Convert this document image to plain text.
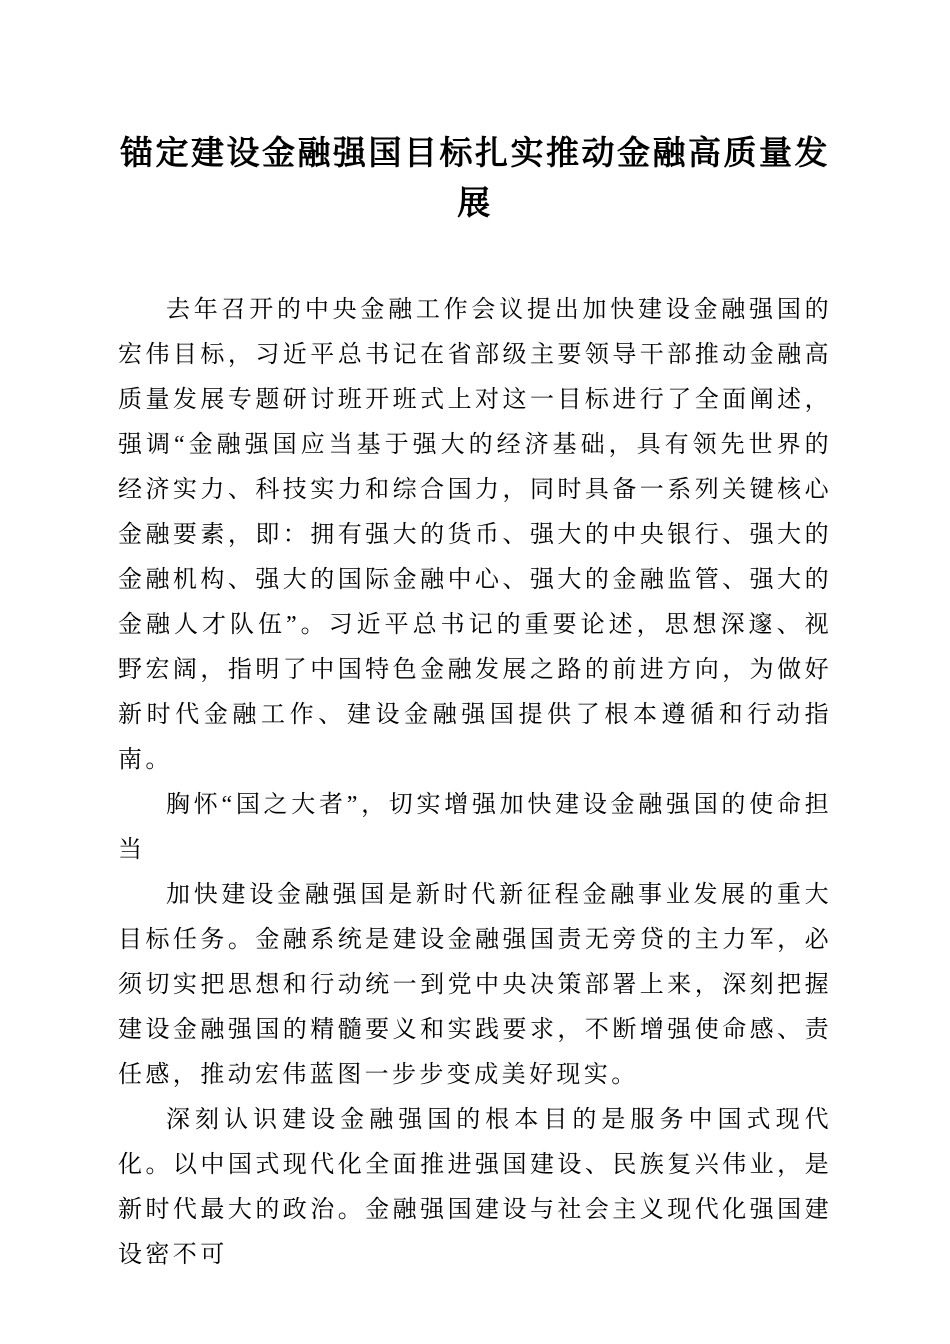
锚定建设金融强国目标扎实推动金融高质量发展

去年召开的中央金融工作会议提出加快建设金融强国的宏伟目标，习近平总书记在省部级主要领导干部推动金融高质量发展专题研讨班开班式上对这一目标进行了全面阐述，强调“金融强国应当基于强大的经济基础，具有领先世界的经济实力、科技实力和综合国力，同时具备一系列关键核心金融要素，即：拥有强大的货币、强大的中央银行、强大的金融机构、强大的国际金融中心、强大的金融监管、强大的金融人才队伍”。习近平总书记的重要论述，思想深邃、视野宏阔，指明了中国特色金融发展之路的前进方向，为做好新时代金融工作、建设金融强国提供了根本遵循和行动指南。

胸怀“国之大者”，切实增强加快建设金融强国的使命担当

加快建设金融强国是新时代新征程金融事业发展的重大目标任务。金融系统是建设金融强国责无旁贷的主力军，必须切实把思想和行动统一到党中央决策部署上来，深刻把握建设金融强国的精髓要义和实践要求，不断增强使命感、责任感，推动宏伟蓝图一步步变成美好现实。

深刻认识建设金融强国的根本目的是服务中国式现代化。以中国式现代化全面推进强国建设、民族复兴伟业，是新时代最大的政治。金融强国建设与社会主义现代化强国建设密不可
